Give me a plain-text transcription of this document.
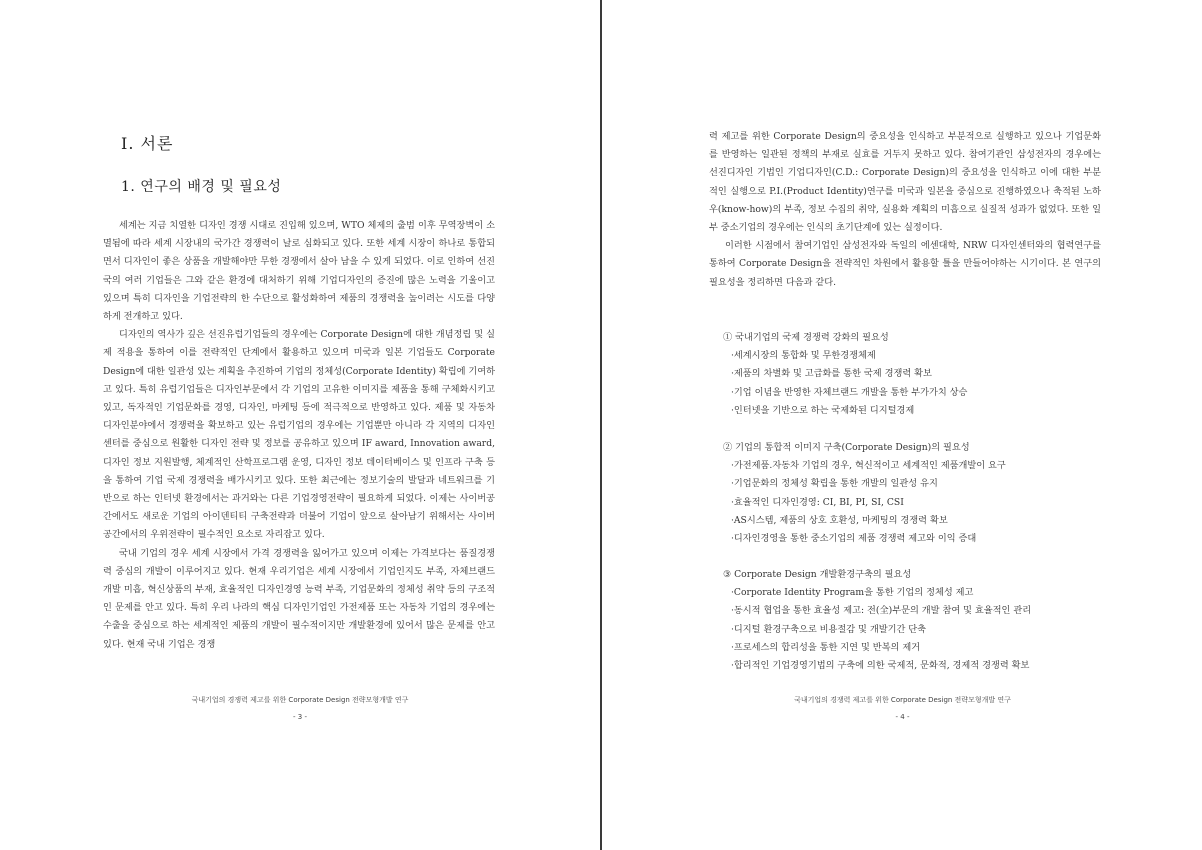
Ⅰ. 서론
1. 연구의 배경 및 필요성

세계는 지금 치열한 디자인 경쟁 시대로 진입해 있으며, WTO 체제의 출범 이후 무역장벽이 소멸됨에 따라 세계 시장내의 국가간 경쟁력이 날로 심화되고 있다. 또한 세계 시장이 하나로 통합되면서 디자인이 좋은 상품을 개발해야만 무한 경쟁에서 살아 남을 수 있게 되었다. 이로 인하여 선진국의 여러 기업들은 그와 같은 환경에 대처하기 위해 기업디자인의 증진에 많은 노력을 기울이고 있으며 특히 디자인을 기업전략의 한 수단으로 활성화하여 제품의 경쟁력을 높이려는 시도를 다양하게 전개하고 있다.

디자인의 역사가 깊은 선진유럽기업들의 경우에는 Corporate Design에 대한 개념정립 및 실제 적용을 통하여 이를 전략적인 단계에서 활용하고 있으며 미국과 일본 기업들도 Corporate Design에 대한 일관성 있는 계획을 추진하여 기업의 정체성(Corporate Identity) 확립에 기여하고 있다. 특히 유럽기업들은 디자인부문에서 각 기업의 고유한 이미지를 제품을 통해 구체화시키고 있고, 독자적인 기업문화를 경영, 디자인, 마케팅 등에 적극적으로 반영하고 있다. 제품 및 자동차 디자인분야에서 경쟁력을 확보하고 있는 유럽기업의 경우에는 기업뿐만 아니라 각 지역의 디자인 센터를 중심으로 원활한 디자인 전략 및 정보를 공유하고 있으며 IF award, Innovation award, 디자인 정보 지원발행, 체계적인 산학프로그램 운영, 디자인 정보 데이터베이스 및 인프라 구축 등을 통하여 기업 국제 경쟁력을 배가시키고 있다. 또한 최근에는 정보기술의 발달과 네트워크를 기반으로 하는 인터넷 환경에서는 과거와는 다른 기업경영전략이 필요하게 되었다. 이제는 사이버공간에서도 새로운 기업의 아이덴티티 구축전략과 더불어 기업이 앞으로 살아남기 위해서는 사이버공간에서의 우위전략이 필수적인 요소로 자리잡고 있다.

국내 기업의 경우 세계 시장에서 가격 경쟁력을 잃어가고 있으며 이제는 가격보다는 품질경쟁력 중심의 개발이 이루어지고 있다. 현재 우리기업은 세계 시장에서 기업인지도 부족, 자체브랜드 개발 미흡, 혁신상품의 부재, 효율적인 디자인경영 능력 부족, 기업문화의 정체성 취약 등의 구조적인 문제를 안고 있다. 특히 우리 나라의 핵심 디자인기업인 가전제품 또는 자동차 기업의 경우에는 수출을 중심으로 하는 세계적인 제품의 개발이 필수적이지만 개발환경에 있어서 많은 문제를 안고 있다. 현재 국내 기업은 경쟁

국내기업의 경쟁력 제고를 위한 Corporate Design 전략모형개발 연구
- 3 -

력 제고를 위한 Corporate Design의 중요성을 인식하고 부분적으로 실행하고 있으나 기업문화를 반영하는 일관된 정책의 부재로 실효를 거두지 못하고 있다. 참여기관인 삼성전자의 경우에는 선진디자인 기법인 기업디자인(C.D.: Corporate Design)의 중요성을 인식하고 이에 대한 부분적인 실행으로 P.I.(Product Identity)연구를 미국과 일본을 중심으로 진행하였으나 축적된 노하우(know-how)의 부족, 정보 수집의 취약, 실용화 계획의 미흡으로 실질적 성과가 없었다. 또한 일부 중소기업의 경우에는 인식의 초기단계에 있는 실정이다.

이러한 시점에서 참여기업인 삼성전자와 독일의 에센대학, NRW 디자인센터와의 협력연구를 통하여 Corporate Design을 전략적인 차원에서 활용할 틀을 만들어야하는 시기이다. 본 연구의 필요성을 정리하면 다음과 같다.

① 국내기업의 국제 경쟁력 강화의 필요성
·세계시장의 통합화 및 무한경쟁체제
·제품의 차별화 및 고급화를 통한 국제 경쟁력 확보
·기업 이념을 반영한 자체브랜드 개발을 통한 부가가치 상승
·인터넷을 기반으로 하는 국제화된 디지털경제
② 기업의 통합적 이미지 구축(Corporate Design)의 필요성
·가전제품.자동차 기업의 경우, 혁신적이고 세계적인 제품개발이 요구
·기업문화의 정체성 확립을 통한 개발의 일관성 유지
·효율적인 디자인경영: CI, BI, PI, SI, CSI
·AS시스템, 제품의 상호 호환성, 마케팅의 경쟁력 확보
·디자인경영을 통한 중소기업의 제품 경쟁력 제고와 이익 증대
③ Corporate Design 개발환경구축의 필요성
·Corporate Identity Program을 통한 기업의 정체성 제고
·동시적 협업을 통한 효율성 제고: 전(全)부문의 개발 참여 및 효율적인 관리
·디지털 환경구축으로 비용절감 및 개발기간 단축
·프로세스의 합리성을 통한 지연 및 반복의 제거
·합리적인 기업경영기법의 구축에 의한 국제적, 문화적, 경제적 경쟁력 확보
국내기업의 경쟁력 제고를 위한 Corporate Design 전략모형개발 연구
- 4 -
